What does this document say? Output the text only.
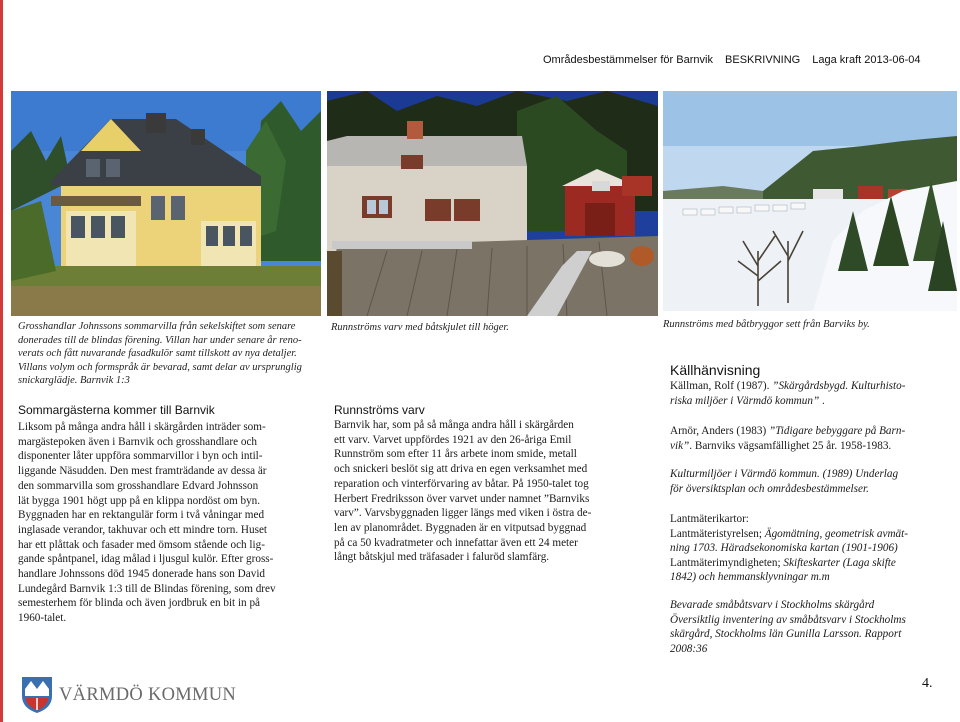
Områdesbestämmelser för Barnvik BESKRIVNING Laga kraft 2013-06-04
Grosshandlar Johnssons sommarvilla från sekelskiftet som senare
donerades till de blindas förening. Villan har under senare år reno-
verats och fått nuvarande fasadkulör samt tillskott av nya detaljer.
Villans volym och formspråk är bevarad, samt delar av ursprunglig
snickarglädje. Barnvik 1:3
Runnströms varv med båtskjulet till höger.	Runnströms med båtbryggor sett från Barviks by.
Sommargästerna kommer till Barnvik
Liksom på många andra håll i skärgården inträder som-
margästepoken även i Barnvik och grosshandlare och
disponenter låter uppföra sommarvillor i byn och intil-
liggande Näsudden. Den mest framträdande av dessa är
den sommarvilla som grosshandlare Edvard Johnsson
lät bygga 1901 högt upp på en klippa nordöst om byn.
Byggnaden har en rektangulär form i två våningar med
inglasade verandor, takhuvar och ett mindre torn. Huset
har ett plåttak och fasader med ömsom stående och lig-
gande spåntpanel, idag målad i ljusgul kulör. Efter gross-
handlare Johnssons död 1945 donerade hans son David
Lundegård Barnvik 1:3 till de Blindas förening, som drev
semesterhem för blinda och även jordbruk en bit in på
1960-talet.
Runnströms varv
Barnvik har, som på så många andra håll i skärgården
ett varv. Varvet uppfördes 1921 av den 26-åriga Emil
Runnström som efter 11 års arbete inom smide, metall
och snickeri beslöt sig att driva en egen verksamhet med
reparation och vinterförvaring av båtar. På 1950-talet tog
Herbert Fredriksson över varvet under namnet ”Barnviks
varv”. Varvsbyggnaden ligger längs med viken i östra de-
len av planområdet. Byggnaden är en vitputsad byggnad
på ca 50 kvadratmeter och innefattar även ett 24 meter
långt båtskjul med träfasader i faluröd slamfärg.
Källhänvisning
Källman, Rolf (1987). ”Skärgårdsbygd. Kulturhisto-
riska miljöer i Värmdö kommun” .
Arnör, Anders (1983) ”Tidigare bebyggare på Barn-
vik”. Barnviks vägsamfällighet 25 år. 1958-1983.
Kulturmiljöer i Värmdö kommun. (1989) Underlag
för översiktsplan och områdesbestämmelser.
Lantmäterikartor:
Lantmäteristyrelsen; Ägomätning, geometrisk avmät-
ning 1703. Häradsekonomiska kartan (1901-1906)
Lantmäterimyndigheten; Skifteskarter (Laga skifte
1842) och hemmansklyvningar m.m
Bevarade småbåtsvarv i Stockholms skärgård
Översiktlig inventering av småbåtsvarv i Stockholms
skärgård, Stockholms län Gunilla Larsson. Rapport
2008:36
VÄRMDÖ KOMMUN
4.
